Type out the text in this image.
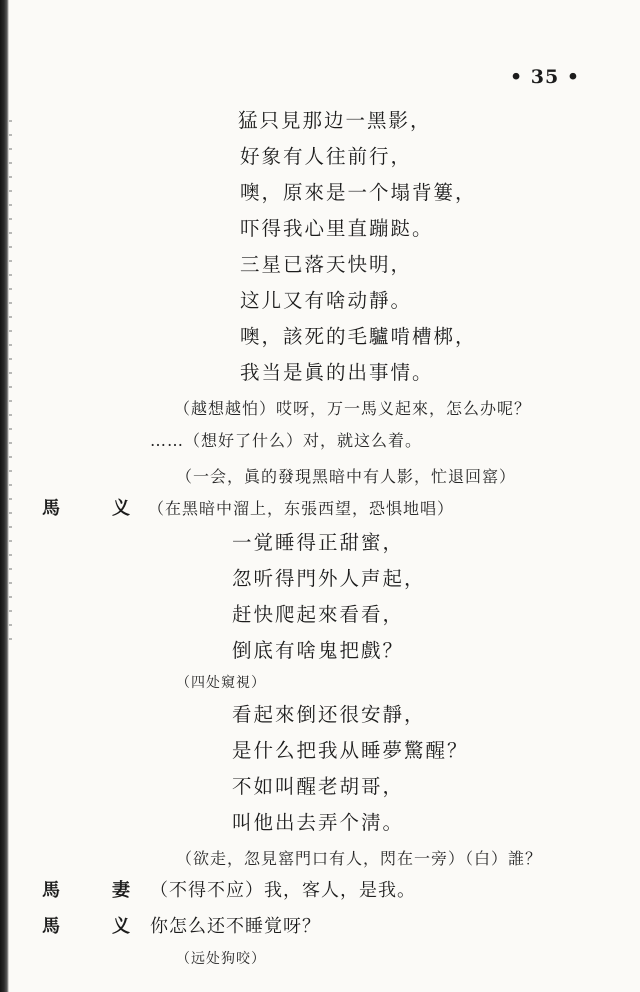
• 35 •
猛只見那边一黑影，
好象有人往前行，
噢，原來是一个塌背簍，
吓得我心里直蹦跶。
三星已落天快明，
这儿又有啥动靜。
噢，該死的毛驢啃槽梆，
我当是眞的出事情。
（越想越怕）哎呀，万一馬义起來，怎么办呢？
……（想好了什么）对，就这么着。
（一会，眞的發現黑暗中有人影，忙退回窰）
馬	义 （在黑暗中溜上，东張西望，恐惧地唱）
一覚睡得正甜蜜，
忽听得門外人声起，
赶快爬起來看看，
倒底有啥鬼把戲？
（四处窺視）
看起來倒还很安靜，
是什么把我从睡夢驚醒？
不如叫醒老胡哥，
叫他出去弄个淸。
（欲走，忽見窰門口有人，閃在一旁）（白）誰？
馬	妻 （不得不应）我，客人，是我。
馬	义 你怎么还不睡覚呀？
（远处狗咬）
